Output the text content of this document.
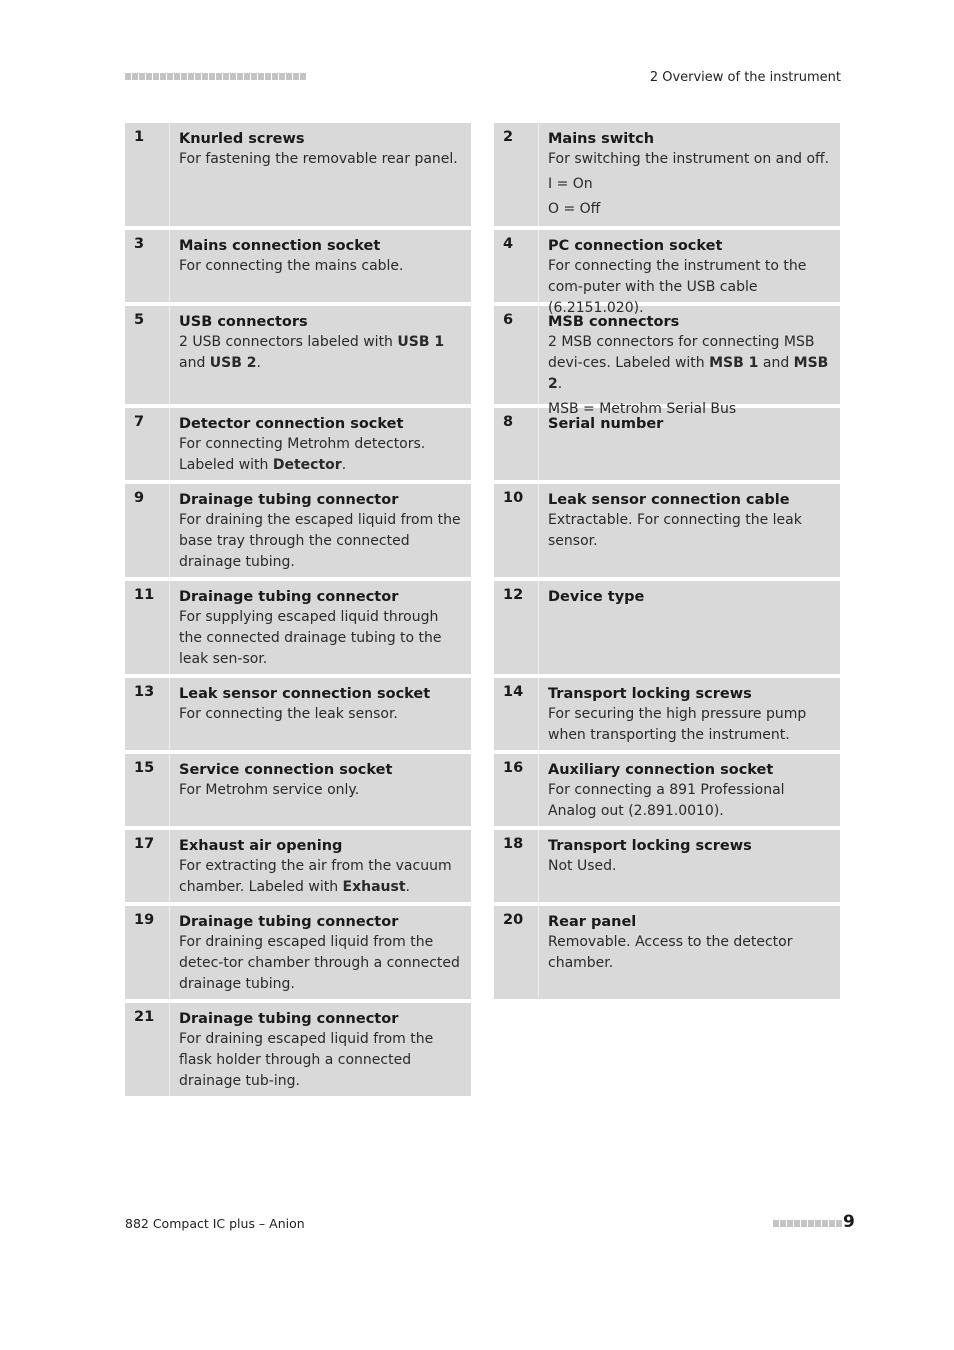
2 Overview of the instrument
1	Knurled screws
For fastening the removable rear panel.
3	Mains connection socket
For connecting the mains cable.
5	USB connectors
2 USB connectors labeled with USB 1 and USB 2.
7	Detector connection socket
For connecting Metrohm detectors. Labeled with Detector.
9	Drainage tubing connector
For draining the escaped liquid from the base tray through the connected drainage tubing.
11	Drainage tubing connector
For supplying escaped liquid through the connected drainage tubing to the leak sen-sor.
13	Leak sensor connection socket
For connecting the leak sensor.
15	Service connection socket
For Metrohm service only.
17	Exhaust air opening
For extracting the air from the vacuum chamber. Labeled with Exhaust.
19	Drainage tubing connector
For draining escaped liquid from the detec-tor chamber through a connected drainage tubing.
21	Drainage tubing connector
For draining escaped liquid from the flask holder through a connected drainage tub-ing.
2	Mains switch
For switching the instrument on and off.
I = On
O = Off
4	PC connection socket
For connecting the instrument to the com-puter with the USB cable (6.2151.020).
6	MSB connectors
2 MSB connectors for connecting MSB devi-ces. Labeled with MSB 1 and MSB 2.
MSB = Metrohm Serial Bus
8	Serial number
10	Leak sensor connection cable
Extractable. For connecting the leak sensor.
12	Device type
14	Transport locking screws
For securing the high pressure pump when transporting the instrument.
16	Auxiliary connection socket
For connecting a 891 Professional Analog out (2.891.0010).
18	Transport locking screws
Not Used.
20	Rear panel
Removable. Access to the detector chamber.
882 Compact IC plus – Anion	9
